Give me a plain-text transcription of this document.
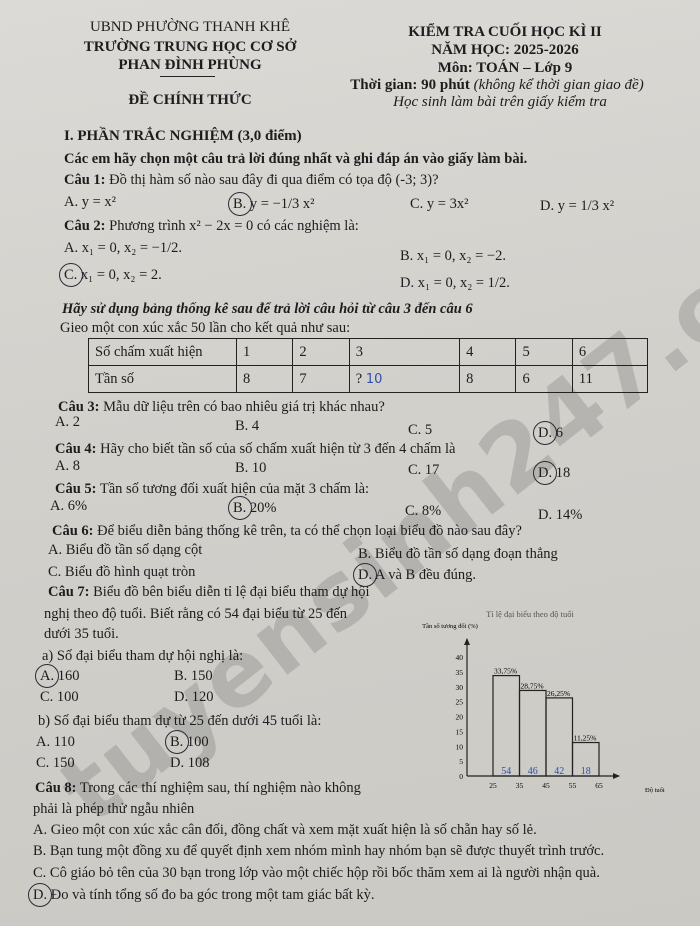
UBND PHƯỜNG THANH KHÊ
TRƯỜNG TRUNG HỌC CƠ SỞ
PHAN ĐÌNH PHÙNG
ĐỀ CHÍNH THỨC
KIỂM TRA CUỐI HỌC KÌ II
NĂM HỌC: 2025-2026
Môn: TOÁN – Lớp 9
Thời gian: 90 phút (không kể thời gian giao đề)
Học sinh làm bài trên giấy kiểm tra
I. PHẦN TRẮC NGHIỆM (3,0 điểm)
Các em hãy chọn một câu trả lời đúng nhất và ghi đáp án vào giấy làm bài.
Câu 1: Đồ thị hàm số nào sau đây đi qua điểm có tọa độ (-3; 3)?
A. y = x²	B. y = −1/3 x²	C. y = 3x²	D. y = 1/3 x²
Câu 2: Phương trình x² − 2x = 0 có các nghiệm là:
A. x₁ = 0, x₂ = −1/2.	B. x₁ = 0, x₂ = −2.
C. x₁ = 0, x₂ = 2.	D. x₁ = 0, x₂ = 1/2.
Hãy sử dụng bảng thống kê sau để trả lời câu hỏi từ câu 3 đến câu 6
Gieo một con xúc xắc 50 lần cho kết quả như sau:
Số chấm xuất hiện	1	2	3	4	5	6
Tần số	8	7	? 10	8	6	11
Câu 3: Mẫu dữ liệu trên có bao nhiêu giá trị khác nhau?
A. 2	B. 4	C. 5	D. 6
Câu 4: Hãy cho biết tần số của số chấm xuất hiện từ 3 đến 4 chấm là
A. 8	B. 10	C. 17	D. 18
Câu 5: Tần số tương đối xuất hiện của mặt 3 chấm là:
A. 6%	B. 20%	C. 8%	D. 14%
Câu 6: Để biểu diễn bảng thống kê trên, ta có thể chọn loại biểu đồ nào sau đây?
A. Biểu đồ tần số dạng cột	B. Biểu đồ tần số dạng đoạn thẳng
C. Biểu đồ hình quạt tròn	D. A và B đều đúng.
Câu 7: Biểu đồ bên biểu diễn tỉ lệ đại biểu tham dự hội
nghị theo độ tuổi. Biết rằng có 54 đại biểu từ 25 đến
dưới 35 tuổi.
a) Số đại biểu tham dự hội nghị là:
A. 160	B. 150
C. 100	D. 120
b) Số đại biểu tham dự từ 25 đến dưới 45 tuổi là:
A. 110	B. 100
C. 150	D. 108
Tỉ lệ đại biểu theo độ tuổi
Tần số tương đối (%)
Độ tuổi
0
5
10
15
20
25
30
35
40
25	35	45	55	65
33,75%
54
28,75%
46
26,25%
42
11,25%
18
Câu 8: Trong các thí nghiệm sau, thí nghiệm nào không
phải là phép thử ngẫu nhiên
A. Gieo một con xúc xắc cân đối, đồng chất và xem mặt xuất hiện là số chẵn hay số lẻ.
B. Bạn tung một đồng xu để quyết định xem nhóm mình hay nhóm bạn sẽ được thuyết trình trước.
C. Cô giáo bỏ tên của 30 bạn trong lớp vào một chiếc hộp rồi bốc thăm xem ai là người nhận quà.
D. Đo và tính tổng số đo ba góc trong một tam giác bất kỳ.
